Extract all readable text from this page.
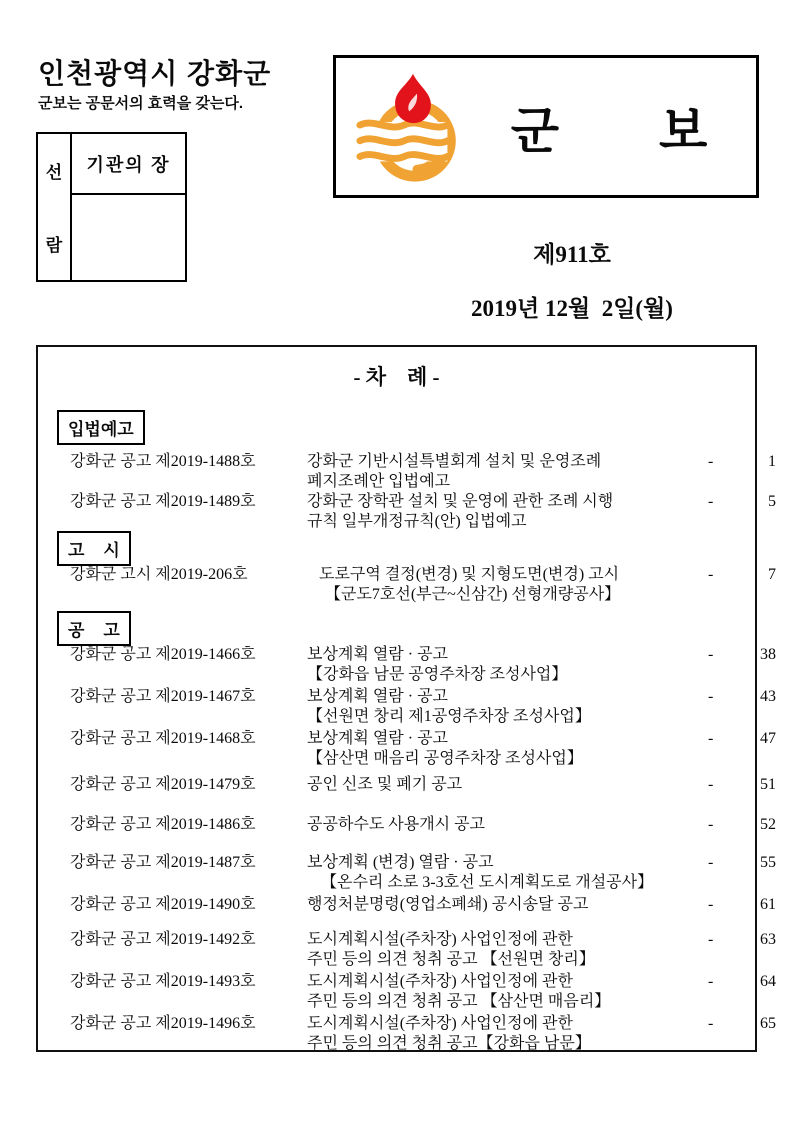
인천광역시 강화군
군보는 공문서의 효력을 갖는다.
선
람
기관의 장
군        보
제911호
2019년 12월  2일(월)
- 차    례 -
입법예고
강화군 공고 제2019-1488호	강화군 기반시설특별회계 설치 및 운영조례
폐지조례안 입법예고
-	1
강화군 공고 제2019-1489호	강화군 장학관 설치 및 운영에 관한 조례 시행
규칙 일부개정규칙(안) 입법예고
-	5
고    시
강화군 고시 제2019-206호	도로구역 결정(변경) 및 지형도면(변경) 고시
【군도7호선(부근~신삼간) 선형개량공사】
-	7
공    고
강화군 공고 제2019-1466호	보상계획 열람 · 공고
【강화읍 남문 공영주차장 조성사업】
-	38
강화군 공고 제2019-1467호	보상계획 열람 · 공고
【선원면 창리 제1공영주차장 조성사업】
-	43
강화군 공고 제2019-1468호	보상계획 열람 · 공고
【삼산면 매음리 공영주차장 조성사업】
-	47
강화군 공고 제2019-1479호	공인 신조 및 폐기 공고	-	51
강화군 공고 제2019-1486호	공공하수도 사용개시 공고	-	52
강화군 공고 제2019-1487호	보상계획 (변경) 열람 · 공고
【온수리 소로 3-3호선 도시계획도로 개설공사】
-	55
강화군 공고 제2019-1490호	행정처분명령(영업소폐쇄) 공시송달 공고	-	61
강화군 공고 제2019-1492호	도시계획시설(주차장) 사업인정에 관한
주민 등의 의견 청취 공고 【선원면 창리】
-	63
강화군 공고 제2019-1493호	도시계획시설(주차장) 사업인정에 관한
주민 등의 의견 청취 공고 【삼산면 매음리】
-	64
강화군 공고 제2019-1496호	도시계획시설(주차장) 사업인정에 관한
주민 등의 의견 청취 공고【강화읍 남문】
-	65
